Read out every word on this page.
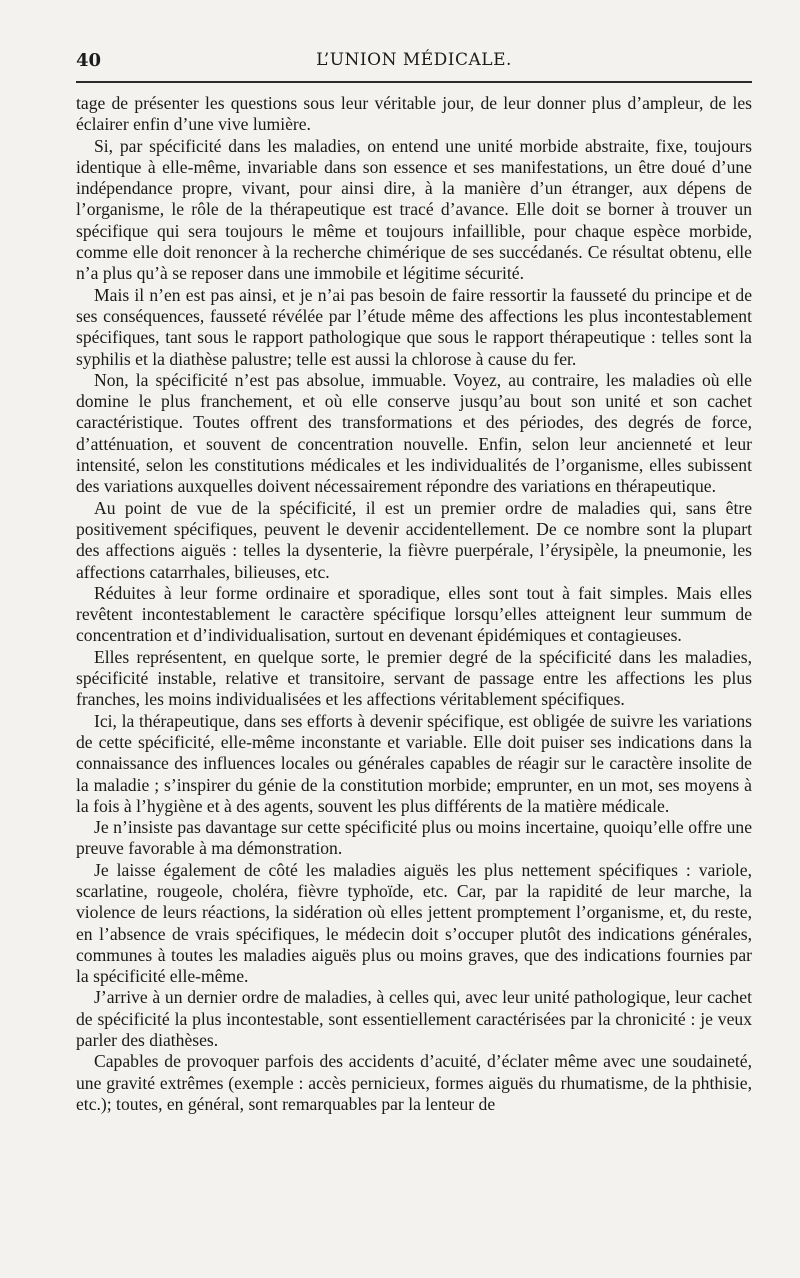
40	L’UNION MÉDICALE.

tage de présenter les questions sous leur véritable jour, de leur donner plus d’ampleur, de les éclairer enfin d’une vive lumière.

Si, par spécificité dans les maladies, on entend une unité morbide abstraite, fixe, toujours identique à elle-même, invariable dans son essence et ses manifestations, un être doué d’une indépendance propre, vivant, pour ainsi dire, à la manière d’un étranger, aux dépens de l’organisme, le rôle de la thérapeutique est tracé d’avance. Elle doit se borner à trouver un spécifique qui sera toujours le même et toujours infaillible, pour chaque espèce morbide, comme elle doit renoncer à la recherche chimérique de ses succédanés. Ce résultat obtenu, elle n’a plus qu’à se reposer dans une immobile et légitime sécurité.

Mais il n’en est pas ainsi, et je n’ai pas besoin de faire ressortir la fausseté du principe et de ses conséquences, fausseté révélée par l’étude même des affections les plus incontestablement spécifiques, tant sous le rapport pathologique que sous le rapport thérapeutique : telles sont la syphilis et la diathèse palustre; telle est aussi la chlorose à cause du fer.

Non, la spécificité n’est pas absolue, immuable. Voyez, au contraire, les maladies où elle domine le plus franchement, et où elle conserve jusqu’au bout son unité et son cachet caractéristique. Toutes offrent des transformations et des périodes, des degrés de force, d’atténuation, et souvent de concentration nouvelle. Enfin, selon leur ancienneté et leur intensité, selon les constitutions médicales et les individualités de l’organisme, elles subissent des variations auxquelles doivent nécessairement répondre des variations en thérapeutique.

Au point de vue de la spécificité, il est un premier ordre de maladies qui, sans être positivement spécifiques, peuvent le devenir accidentellement. De ce nombre sont la plupart des affections aiguës : telles la dysenterie, la fièvre puerpérale, l’érysipèle, la pneumonie, les affections catarrhales, bilieuses, etc.

Réduites à leur forme ordinaire et sporadique, elles sont tout à fait simples. Mais elles revêtent incontestablement le caractère spécifique lorsqu’elles atteignent leur summum de concentration et d’individualisation, surtout en devenant épidémiques et contagieuses.

Elles représentent, en quelque sorte, le premier degré de la spécificité dans les maladies, spécificité instable, relative et transitoire, servant de passage entre les affections les plus franches, les moins individualisées et les affections véritablement spécifiques.

Ici, la thérapeutique, dans ses efforts à devenir spécifique, est obligée de suivre les variations de cette spécificité, elle-même inconstante et variable. Elle doit puiser ses indications dans la connaissance des influences locales ou générales capables de réagir sur le caractère insolite de la maladie ; s’inspirer du génie de la constitution morbide; emprunter, en un mot, ses moyens à la fois à l’hygiène et à des agents, souvent les plus différents de la matière médicale.

Je n’insiste pas davantage sur cette spécificité plus ou moins incertaine, quoiqu’elle offre une preuve favorable à ma démonstration.

Je laisse également de côté les maladies aiguës les plus nettement spécifiques : variole, scarlatine, rougeole, choléra, fièvre typhoïde, etc. Car, par la rapidité de leur marche, la violence de leurs réactions, la sidération où elles jettent promptement l’organisme, et, du reste, en l’absence de vrais spécifiques, le médecin doit s’occuper plutôt des indications générales, communes à toutes les maladies aiguës plus ou moins graves, que des indications fournies par la spécificité elle-même.

J’arrive à un dernier ordre de maladies, à celles qui, avec leur unité pathologique, leur cachet de spécificité la plus incontestable, sont essentiellement caractérisées par la chronicité : je veux parler des diathèses.

Capables de provoquer parfois des accidents d’acuité, d’éclater même avec une soudaineté, une gravité extrêmes (exemple : accès pernicieux, formes aiguës du rhumatisme, de la phthisie, etc.); toutes, en général, sont remarquables par la lenteur de
